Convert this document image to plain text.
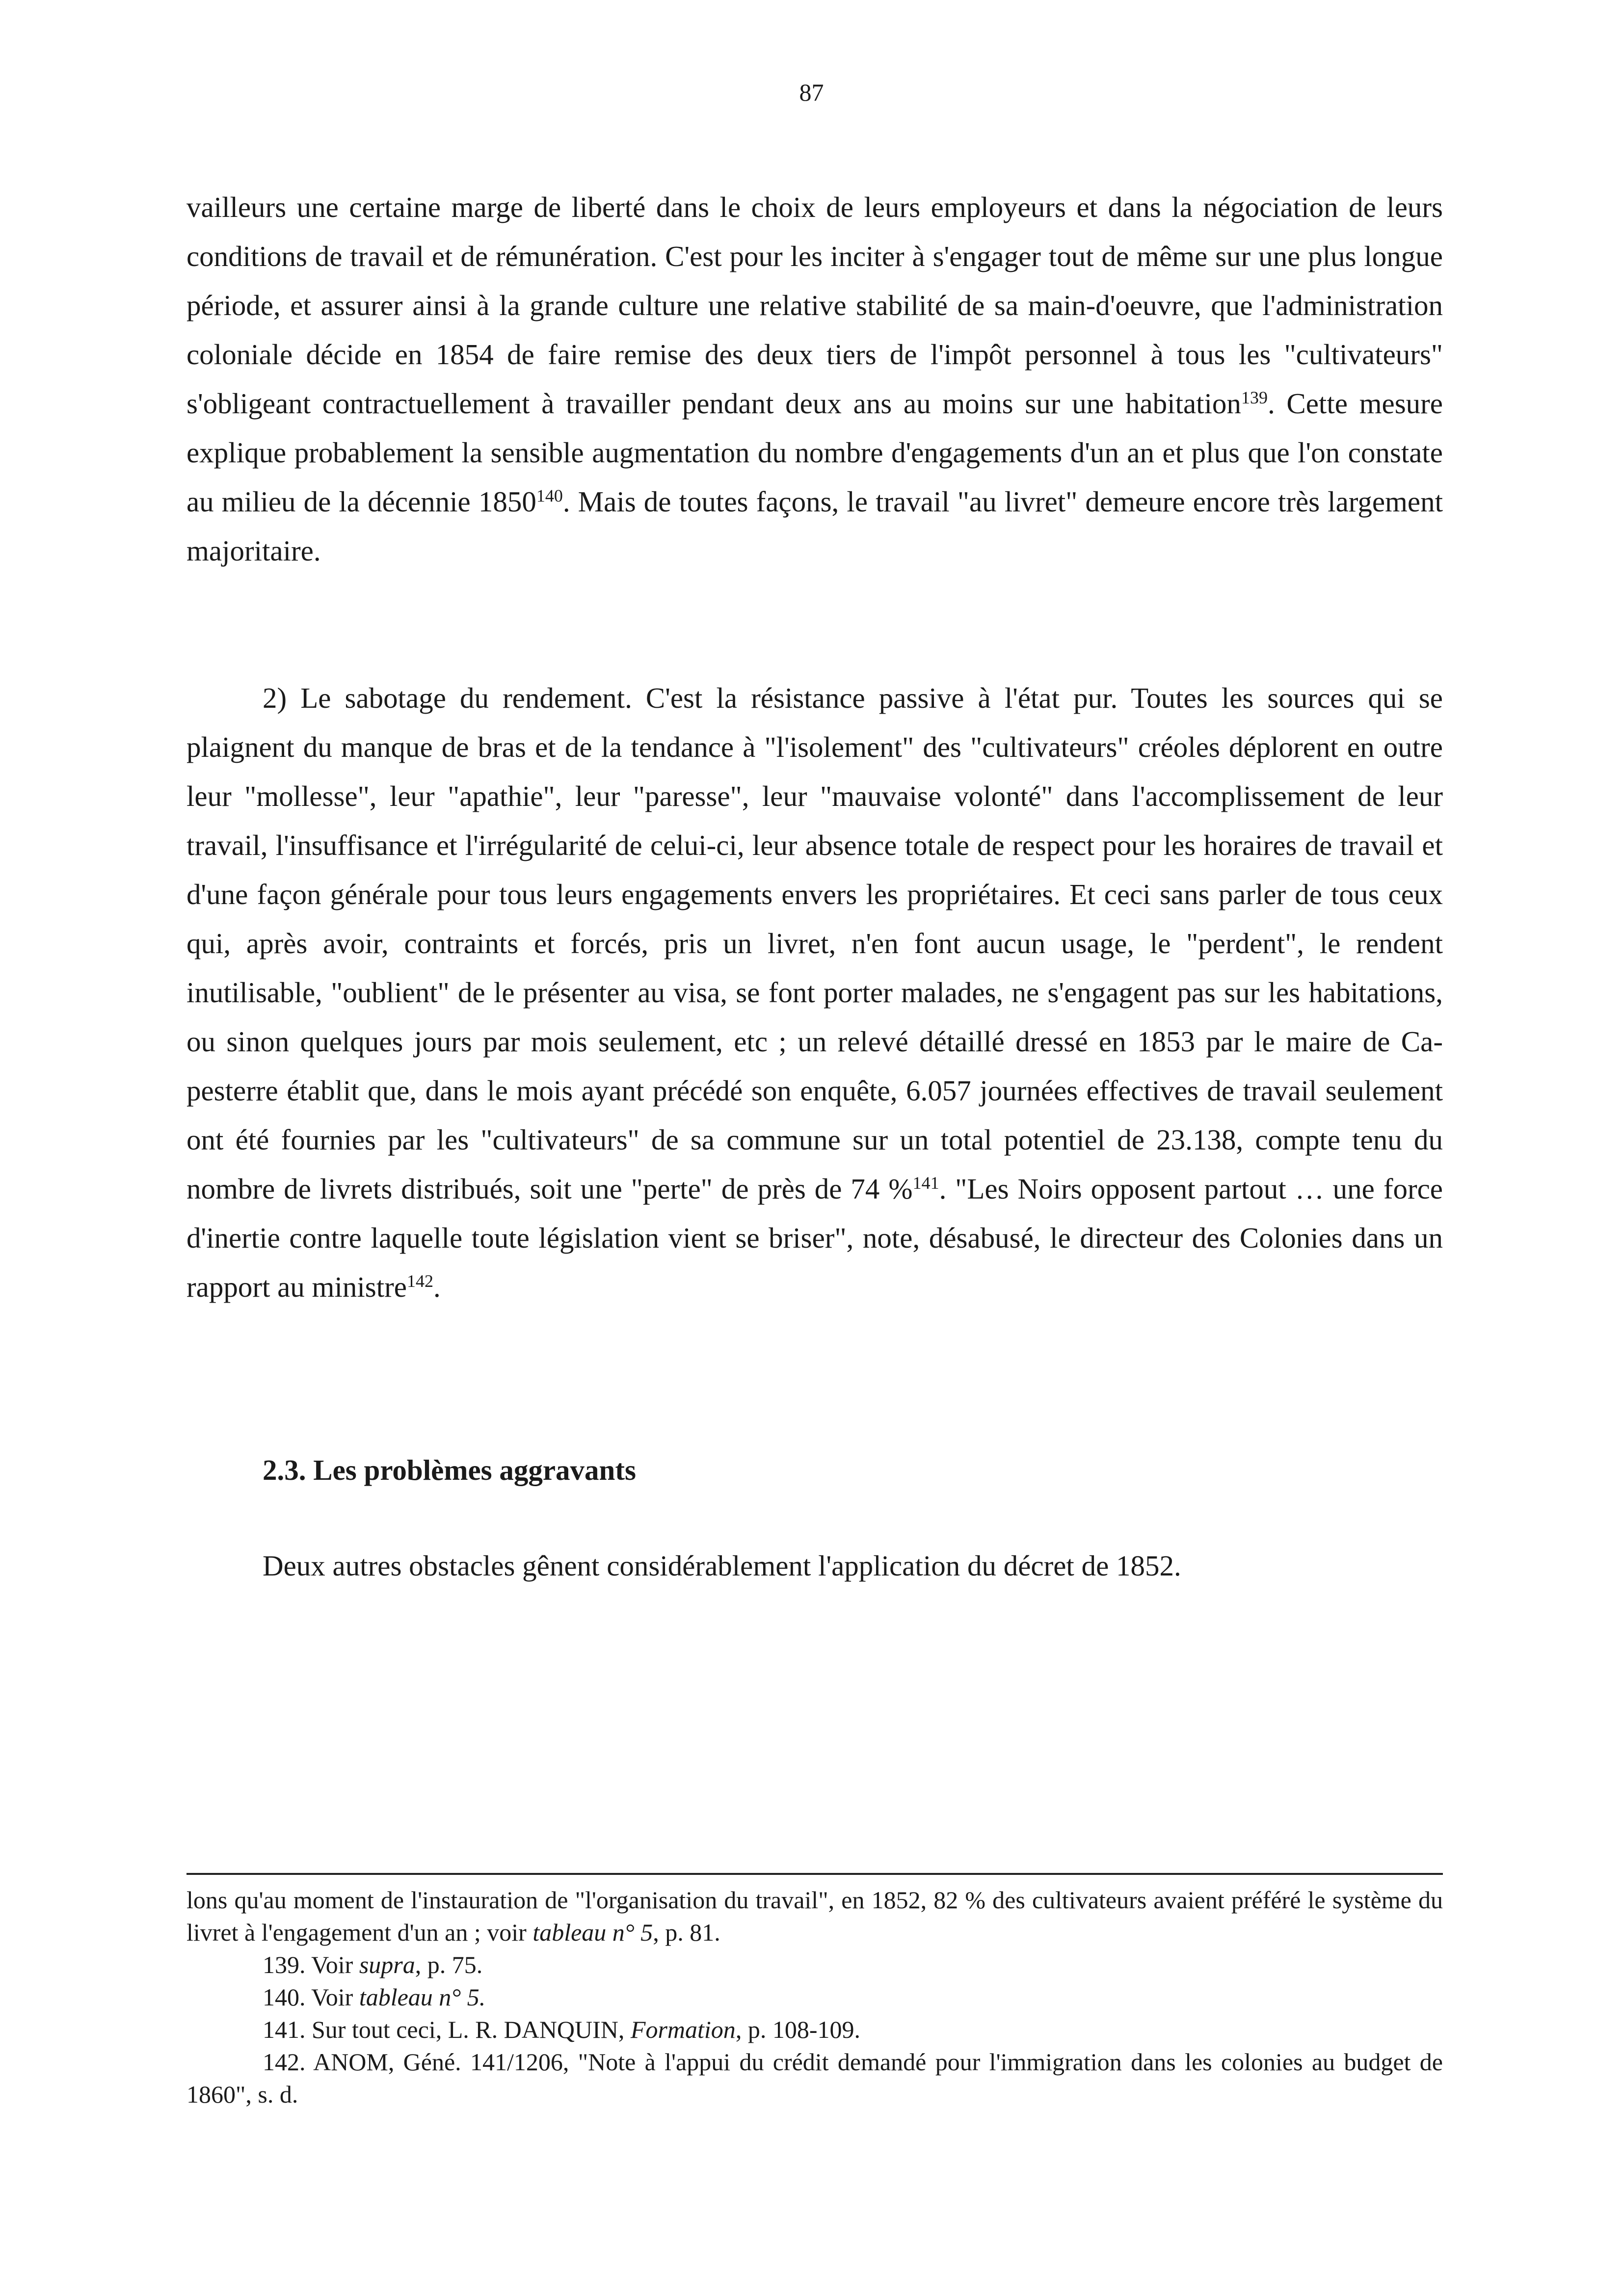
87

vailleurs une certaine marge de liberté dans le choix de leurs employeurs et dans la négociation de leurs conditions de travail et de rémunération. C'est pour les inciter à s'engager tout de même sur une plus longue période, et assurer ainsi à la grande culture une relative stabilité de sa main-d'oeuvre, que l'administration coloniale décide en 1854 de faire remise des deux tiers de l'impôt personnel à tous les "cultivateurs" s'obligeant contractuellement à travailler pendant deux ans au moins sur une habitation$^{139}$. Cette mesure explique probablement la sensible augmentation du nombre d'engagements d'un an et plus que l'on constate au milieu de la décennie 1850$^{140}$. Mais de toutes façons, le travail "au livret" demeure encore très largement majoritaire.

2) Le sabotage du rendement. C'est la résistance passive à l'état pur. Toutes les sources qui se plaignent du manque de bras et de la tendance à "l'isolement" des "cultivateurs" créoles déplorent en outre leur "mollesse", leur "apathie", leur "paresse", leur "mauvaise volonté" dans l'accomplissement de leur travail, l'insuffisance et l'irrégularité de celui-ci, leur absence totale de respect pour les horaires de travail et d'une façon générale pour tous leurs engagements envers les propriétaires. Et ceci sans parler de tous ceux qui, après avoir, contraints et forcés, pris un livret, n'en font aucun usage, le "perdent", le rendent inutilisable, "oublient" de le présenter au visa, se font porter malades, ne s'engagent pas sur les habitations, ou sinon quelques jours par mois seulement, etc ; un relevé détaillé dressé en 1853 par le maire de Capesterre établit que, dans le mois ayant précédé son enquête, 6.057 journées effectives de travail seulement ont été fournies par les "cultivateurs" de sa commune sur un total potentiel de 23.138, compte tenu du nombre de livrets distribués, soit une "perte" de près de 74 %$^{141}$. "Les Noirs opposent partout … une force d'inertie contre laquelle toute législation vient se briser", note, désabusé, le directeur des Colonies dans un rapport au ministre$^{142}$.

2.3. Les problèmes aggravants

Deux autres obstacles gênent considérablement l'application du décret de 1852.

lons qu'au moment de l'instauration de "l'organisation du travail", en 1852, 82 % des cultivateurs avaient préféré le système du livret à l'engagement d'un an ; voir tableau n° 5, p. 81.

139. Voir supra, p. 75.

140. Voir tableau n° 5.

141. Sur tout ceci, L. R. DANQUIN, Formation, p. 108-109.

142. ANOM, Géné. 141/1206, "Note à l'appui du crédit demandé pour l'immigration dans les colonies au budget de 1860", s. d.
